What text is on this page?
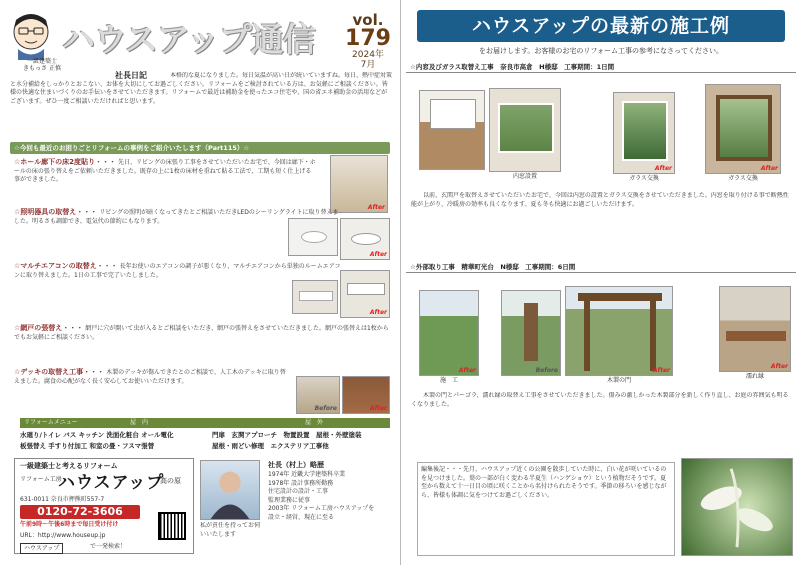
一級建築士
きもっさ 正慎
ハウスアップ通信	vol.
179
2024年
7月
社長日記	本格的な夏になりました。毎日気温が高い日が続いていますね。毎日、熱中症対策と水分補給をしっかりとおこない、お体を大切にしてお過ごしください。リフォームをご検討されている方は、お気軽にご相談ください。皆様の快適な住まいづくりのお手伝いをさせていただきます。リフォームで最近は補助金を使ったエコ住宅や、国の省エネ補助金の活用などがございます。ぜひ一度ご相談いただければと思います。
☆今回も最近のお困りごとリフォームの事例をご紹介いたします（Part115）☆
☆ホール廊下の床2度貼り・・・ 先日、リビングの床張り工事をさせていただいたお宅で、今回は廊下・ホールの床の張り替えをご依頼いただきました。既存の上に1枚の床材を重ねて貼る工法で、工期も短く仕上げる事ができました。
After
☆照明器具の取替え・・・ リビングの照明が暗くなってきたとご相談いただきLEDのシーリングライトに取り替えました。明るさも調節でき、電気代の節約にもなります。
After
☆マルチエアコンの取替え・・・ 長年お使いのエアコンの調子が悪くなり、マルチエアコンから単独のルームエアコンに取り替えました。1日の工事で完了いたしました。
After
☆網戸の張替え・・・ 網戸に穴が開いて虫が入るとご相談をいただき、網戸の張替えをさせていただきました。網戸の張替えは1枚からでもお気軽にご相談ください。
☆デッキの取替え工事・・・ 木製のデッキが傷んできたとのご相談で、人工木のデッキに取り替えました。腐食の心配がなく長く安心してお使いいただけます。
Before	After
リフォームメニュー	屋　内	屋　外
水廻り/トイレ バス キッチン 洗面化粧台 オール電化	門扉　玄関アプローチ　物置設置　屋根・外壁塗装
板張替え 手すり付加工 和室の畳・フスマ張替	屋根・雨どい修理　エクステリア工事他
一級建築士と考えるリフォーム
リフォーム工房
ハウスアップ
高の原
631-0011 奈良市押熊町557-7
0120-72-3606
午前9時〜午後6時まで毎日受け付け
URL：http://www.houseup.jp
ハウスアップ	で一発検索！
私が責任を持ってお伺いいたします
社長（村上）略歴
1974年 近畿大学建築科卒業
1978年 設計事務所勤務
住宅設計の設計・工事
監理業務に従事
2003年 リフォーム工房ハウスアップを
設立・経営、現在に至る
ハウスアップの最新の施工例
をお届けします。お客様のお宅のリフォーム工事の参考になさってください。
☆内窓及びガラス取替え工事　奈良市高倉　H様邸　工事期間：1日間
内窓設置
After
ガラス交換
After
ガラス交換
以前、玄関戸を取替えさせていただいたお宅で、今回は内窓の設置とガラス交換をさせていただきました。内窓を取り付ける事で断熱性能が上がり、冷暖房の効率も良くなります。夏も冬も快適にお過ごしいただけます。
☆外部取り工事　精華町光台　N様邸　工事期間：6日間
After
施　工
Before	After
木製の門
After
濡れ縁
木製の門とパーゴラ、濡れ縁の取替え工事をさせていただきました。傷みの激しかった木製部分を新しく作り直し、お庭の雰囲気も明るくなりました。
編集後記・・・先月、ハウスアップ近くの公園を散歩していた時に、白い花が咲いているのを見つけました。葉の一部が白く変わる半夏生（ハンゲショウ）という植物だそうです。夏至から数えて十一日目の頃に咲くことから名付けられたそうです。季節の移ろいを感じながら、皆様も体調に気をつけてお過ごしください。
